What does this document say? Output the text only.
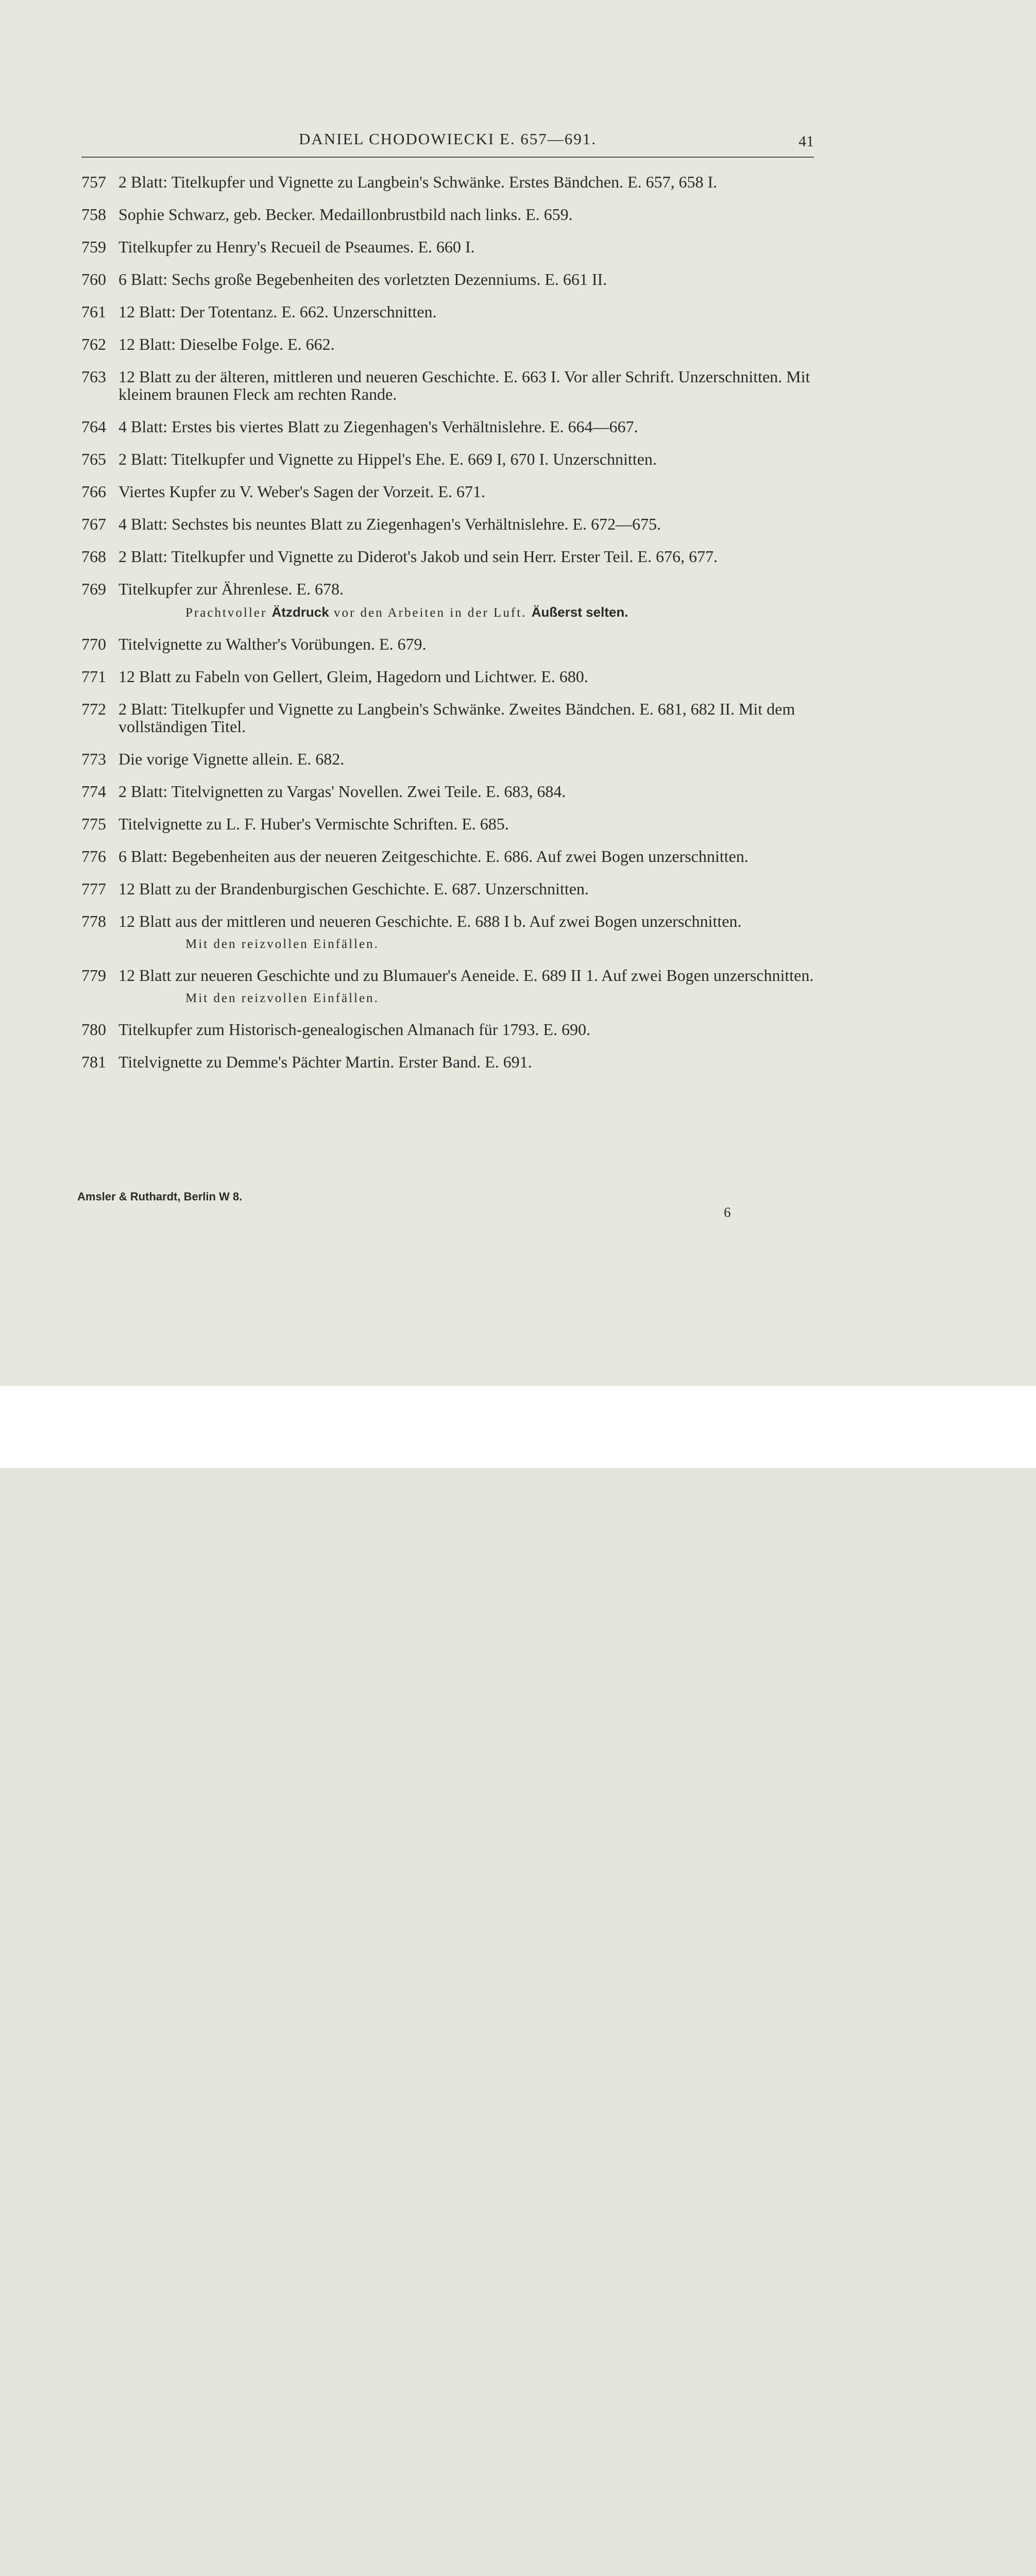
DANIEL CHODOWIECKI E. 657—691.	41
757 2 Blatt: Titelkupfer und Vignette zu Langbein's Schwänke. Erstes Bändchen. E. 657, 658 I.
758 Sophie Schwarz, geb. Becker. Medaillonbrustbild nach links. E. 659.
759 Titelkupfer zu Henry's Recueil de Pseaumes. E. 660 I.
760 6 Blatt: Sechs große Begebenheiten des vorletzten Dezenniums. E. 661 II.
761 12 Blatt: Der Totentanz. E. 662. Unzerschnitten.
762 12 Blatt: Dieselbe Folge. E. 662.
763 12 Blatt zu der älteren, mittleren und neueren Geschichte. E. 663 I. Vor aller Schrift. Unzerschnitten. Mit kleinem braunen Fleck am rechten Rande.
764 4 Blatt: Erstes bis viertes Blatt zu Ziegenhagen's Verhältnislehre. E. 664—667.
765 2 Blatt: Titelkupfer und Vignette zu Hippel's Ehe. E. 669 I, 670 I. Unzerschnitten.
766 Viertes Kupfer zu V. Weber's Sagen der Vorzeit. E. 671.
767 4 Blatt: Sechstes bis neuntes Blatt zu Ziegenhagen's Verhältnislehre. E. 672—675.
768 2 Blatt: Titelkupfer und Vignette zu Diderot's Jakob und sein Herr. Erster Teil. E. 676, 677.
769 Titelkupfer zur Ährenlese. E. 678.
Prachtvoller Ätzdruck vor den Arbeiten in der Luft. Äußerst selten.
770 Titelvignette zu Walther's Vorübungen. E. 679.
771 12 Blatt zu Fabeln von Gellert, Gleim, Hagedorn und Lichtwer. E. 680.
772 2 Blatt: Titelkupfer und Vignette zu Langbein's Schwänke. Zweites Bändchen. E. 681, 682 II. Mit dem vollständigen Titel.
773 Die vorige Vignette allein. E. 682.
774 2 Blatt: Titelvignetten zu Vargas' Novellen. Zwei Teile. E. 683, 684.
775 Titelvignette zu L. F. Huber's Vermischte Schriften. E. 685.
776 6 Blatt: Begebenheiten aus der neueren Zeitgeschichte. E. 686. Auf zwei Bogen unzerschnitten.
777 12 Blatt zu der Brandenburgischen Geschichte. E. 687. Unzerschnitten.
778 12 Blatt aus der mittleren und neueren Geschichte. E. 688 I b. Auf zwei Bogen unzerschnitten.
Mit den reizvollen Einfällen.
779 12 Blatt zur neueren Geschichte und zu Blumauer's Aeneide. E. 689 II 1. Auf zwei Bogen unzerschnitten.
Mit den reizvollen Einfällen.
780 Titelkupfer zum Historisch-genealogischen Almanach für 1793. E. 690.
781 Titelvignette zu Demme's Pächter Martin. Erster Band. E. 691.
Amsler & Ruthardt, Berlin W 8.
6
